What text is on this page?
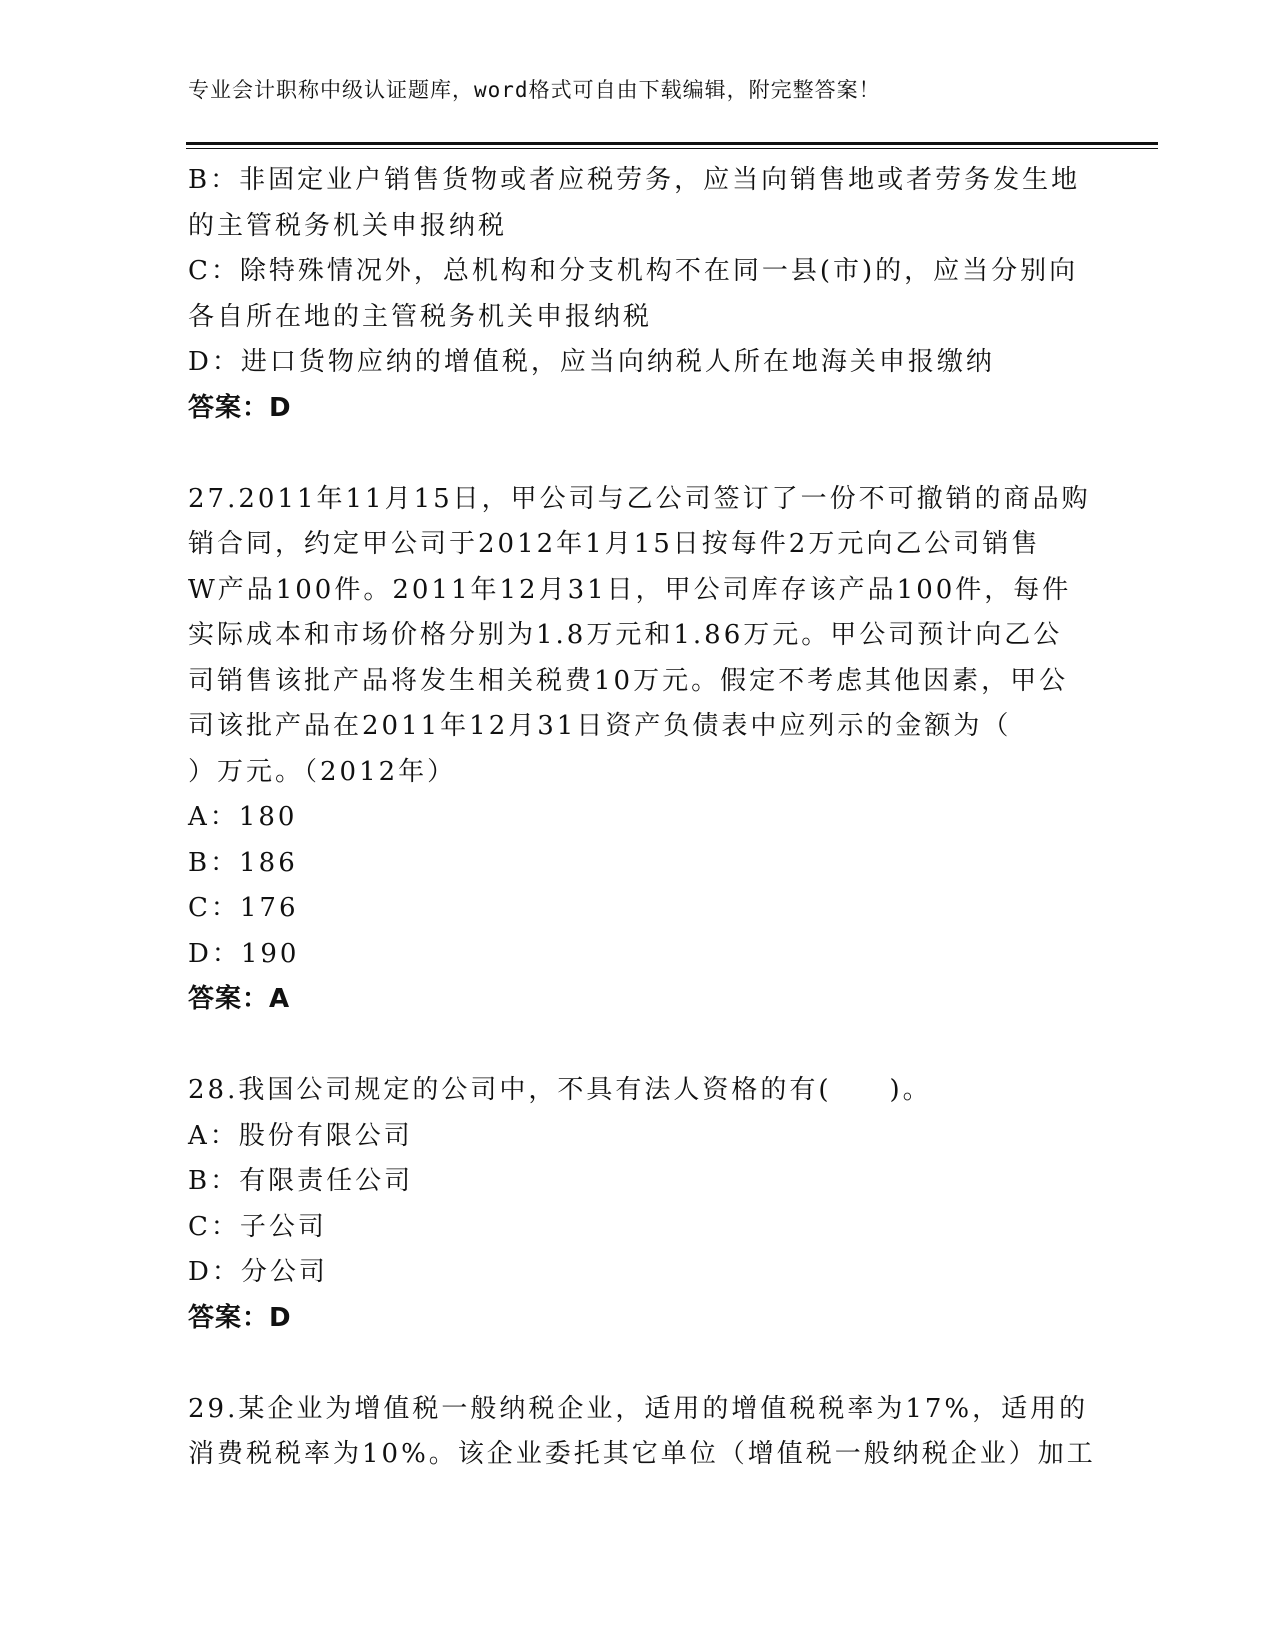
专业会计职称中级认证题库，word格式可自由下载编辑，附完整答案！
B：非固定业户销售货物或者应税劳务，应当向销售地或者劳务发生地
的主管税务机关申报纳税
C：除特殊情况外，总机构和分支机构不在同一县(市)的，应当分别向
各自所在地的主管税务机关申报纳税
D：进口货物应纳的增值税，应当向纳税人所在地海关申报缴纳
答案：D
27.2011年11月15日，甲公司与乙公司签订了一份不可撤销的商品购
销合同，约定甲公司于2012年1月15日按每件2万元向乙公司销售
W产品100件。2011年12月31日，甲公司库存该产品100件，每件
实际成本和市场价格分别为1.8万元和1.86万元。甲公司预计向乙公
司销售该批产品将发生相关税费10万元。假定不考虑其他因素，甲公
司该批产品在2011年12月31日资产负债表中应列示的金额为（
）万元。（2012年）
A：180
B：186
C：176
D：190
答案：A
28.我国公司规定的公司中，不具有法人资格的有(　　)。
A：股份有限公司
B：有限责任公司
C：子公司
D：分公司
答案：D
29.某企业为增值税一般纳税企业，适用的增值税税率为17%，适用的
消费税税率为10%。该企业委托其它单位（增值税一般纳税企业）加工
